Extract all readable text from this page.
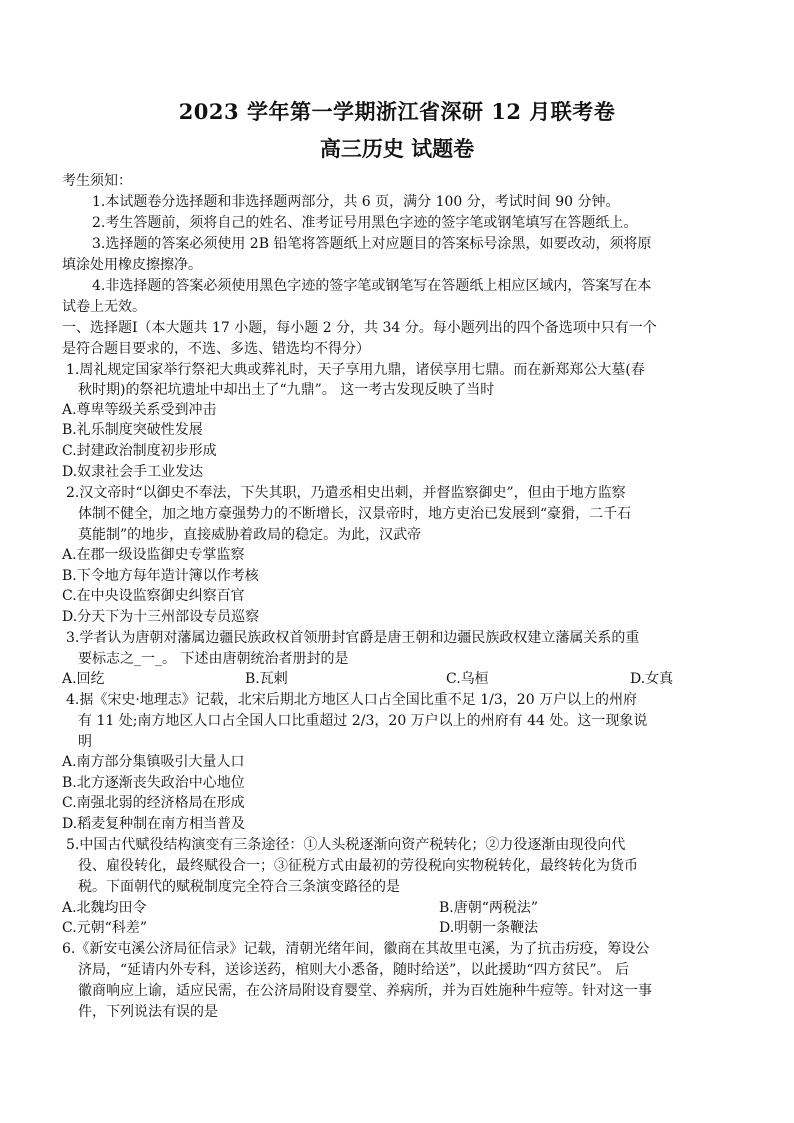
2023 学年第一学期浙江省深研 12 月联考卷
高三历史 试题卷
考生须知：
1.本试题卷分选择题和非选择题两部分，共 6 页，满分 100 分，考试时间 90 分钟。
2.考生答题前，须将自己的姓名、准考证号用黑色字迹的签字笔或钢笔填写在答题纸上。
3.选择题的答案必须使用 2B 铅笔将答题纸上对应题目的答案标号涂黑，如要改动，须将原
填涂处用橡皮擦擦净。
4.非选择题的答案必须使用黑色字迹的签字笔或钢笔写在答题纸上相应区域内，答案写在本
试卷上无效。
一、选择题Ⅰ（本大题共 17 小题，每小题 2 分，共 34 分。每小题列出的四个备选项中只有一个
是符合题目要求的，不选、多选、错选均不得分）
1.周礼规定国家举行祭祀大典或葬礼时，天子享用九鼎，诸侯享用七鼎。而在新郑郑公大墓(春
秋时期)的祭祀坑遗址中却出土了“九鼎”。 这一考古发现反映了当时
A.尊卑等级关系受到冲击
B.礼乐制度突破性发展
C.封建政治制度初步形成
D.奴隶社会手工业发达
2.汉文帝时“以御史不奉法，下失其职，乃遣丞相史出刺，并督监察御史”，但由于地方监察
体制不健全，加之地方豪强势力的不断增长，汉景帝时，地方吏治已发展到“豪猾，二千石
莫能制”的地步，直接威胁着政局的稳定。为此，汉武帝
A.在郡一级设监御史专掌监察
B.下令地方每年造计簿以作考核
C.在中央设监察御史纠察百官
D.分天下为十三州部设专员巡察
3.学者认为唐朝对藩属边疆民族政权首领册封官爵是唐王朝和边疆民族政权建立藩属关系的重
要标志之_一_。 下述由唐朝统治者册封的是
A.回纥	B.瓦剌	C.乌桓	D.女真
4.据《宋史·地理志》记载，北宋后期北方地区人口占全国比重不足 1/3，20 万户以上的州府
有 11 处;南方地区人口占全国人口比重超过 2/3，20 万户以上的州府有 44 处。这一现象说
明
A.南方部分集镇吸引大量人口
B.北方逐渐丧失政治中心地位
C.南强北弱的经济格局在形成
D.稻麦复种制在南方相当普及
5.中国古代赋役结构演变有三条途径：①人头税逐渐向资产税转化；②力役逐渐由现役向代
役、雇役转化，最终赋役合一；③征税方式由最初的劳役税向实物税转化，最终转化为货币
税。下面朝代的赋税制度完全符合三条演变路径的是
A.北魏均田令	B.唐朝“两税法”
C.元朝“科差”	D.明朝一条鞭法
6.《新安屯溪公济局征信录》记载，清朝光绪年间，徽商在其故里屯溪，为了抗击疠疫，筹设公
济局，“延请内外专科，送诊送药，棺则大小悉备，随时给送”，以此援助“四方贫民”。 后
徽商响应上谕，适应民需，在公济局附设育婴堂、养病所，并为百姓施种牛痘等。针对这一事
件，下列说法有误的是
